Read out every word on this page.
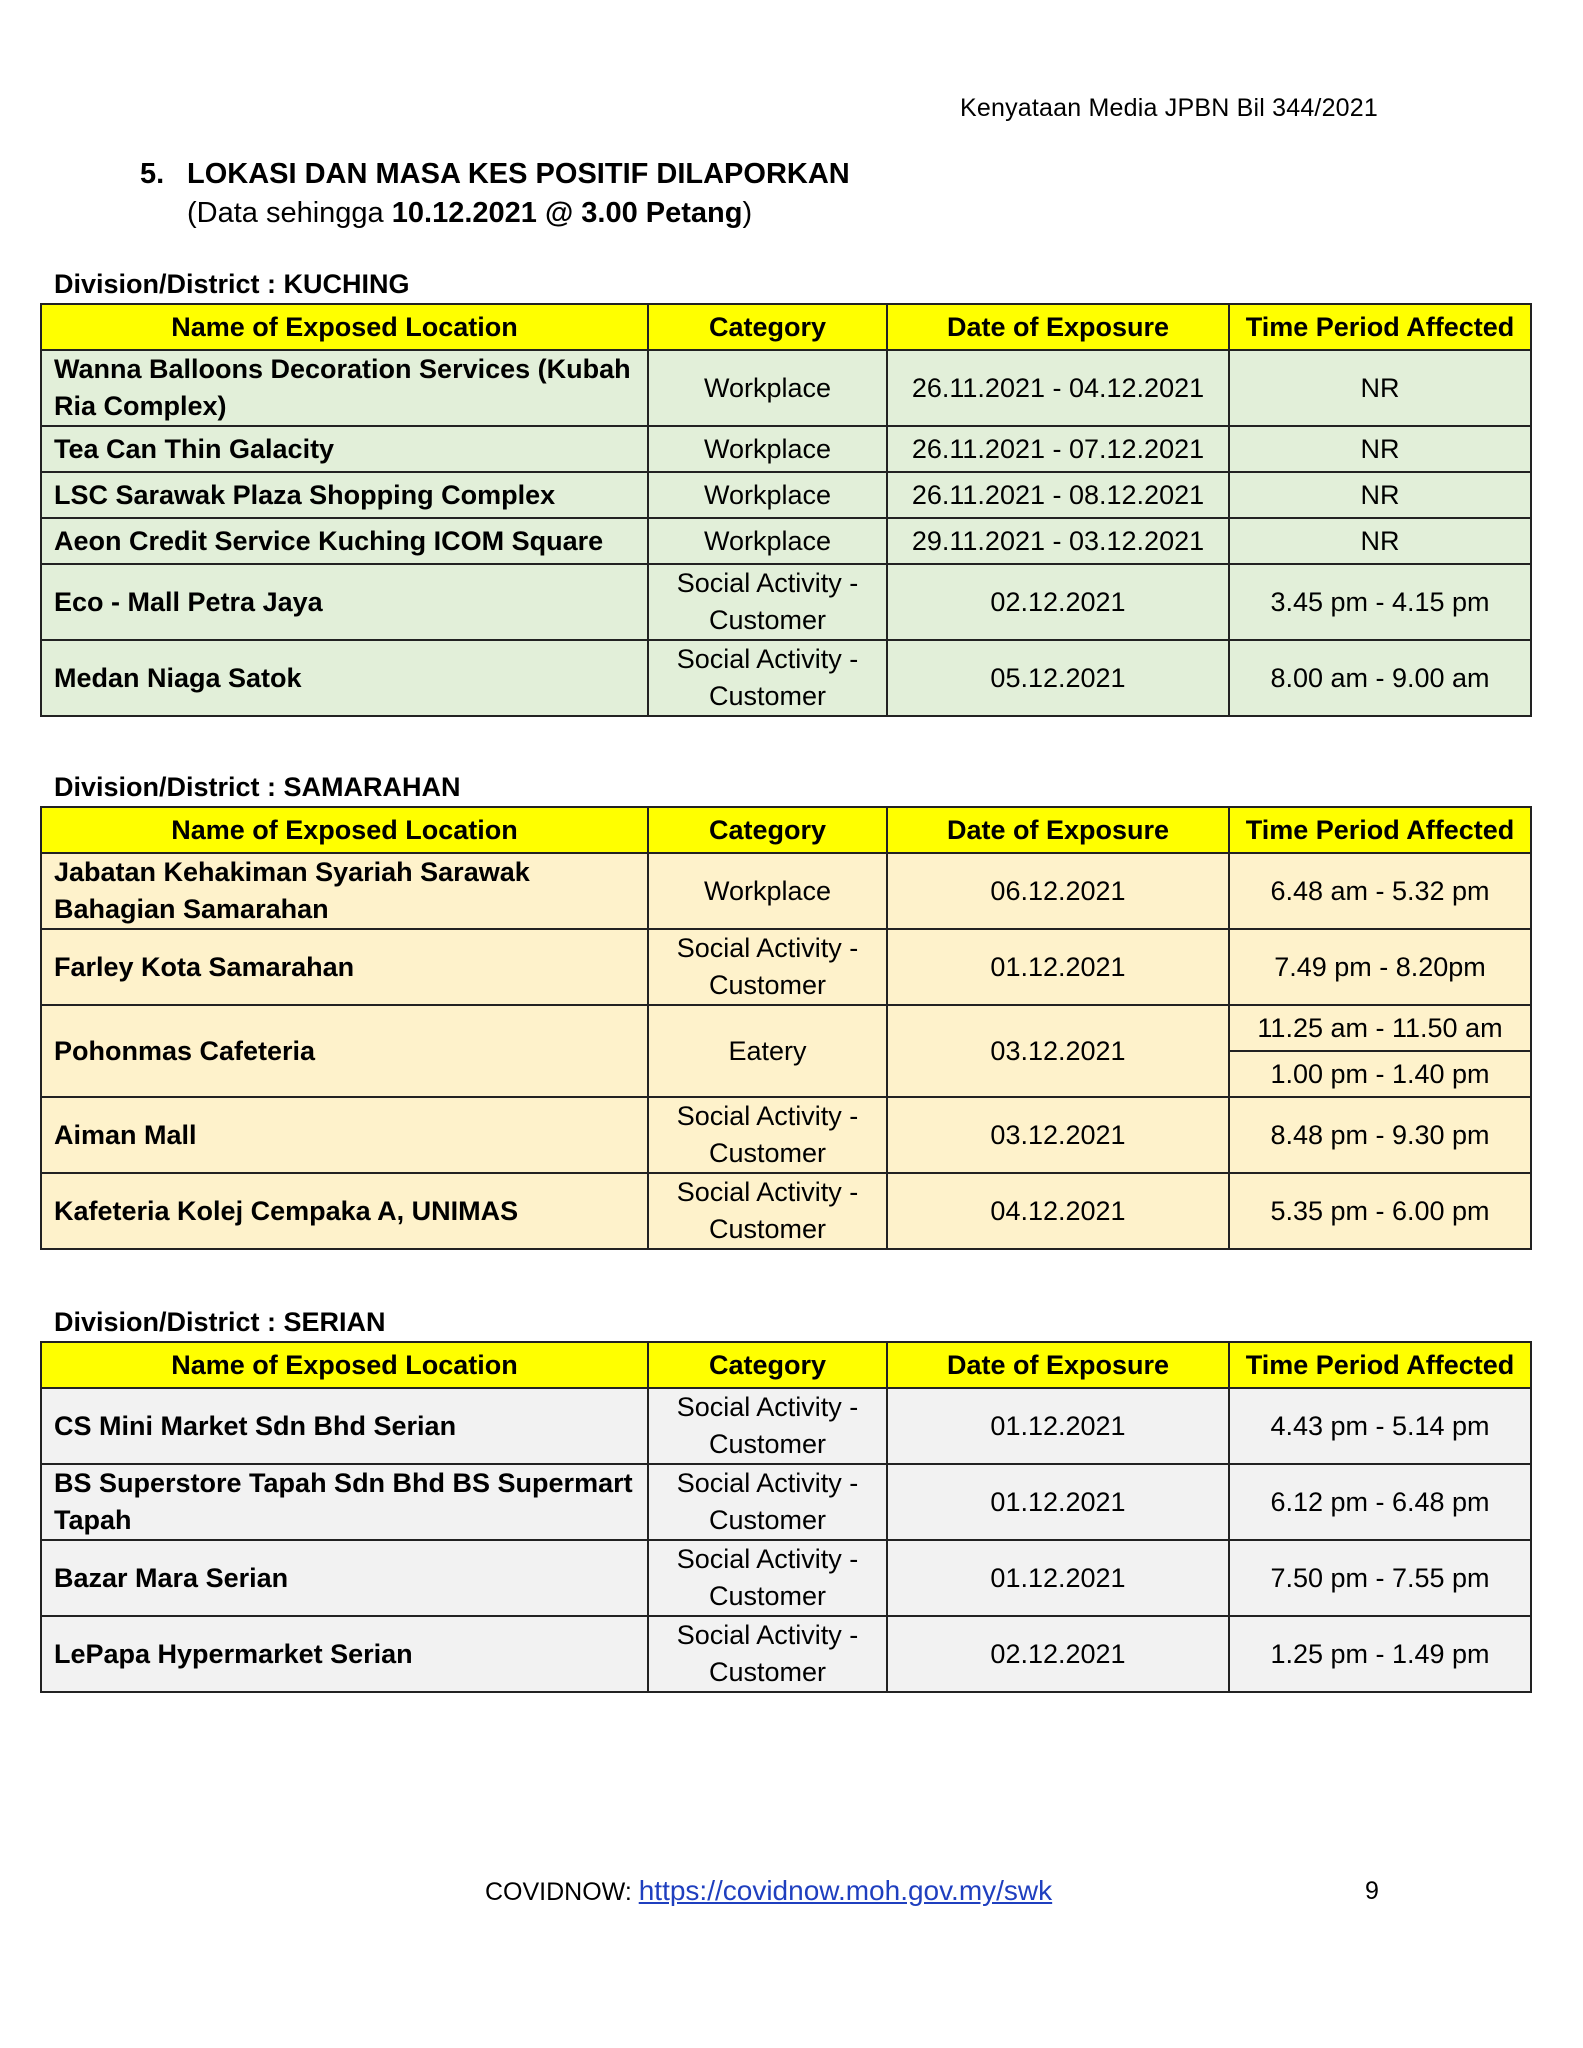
Kenyataan Media JPBN Bil 344/2021
5. LOKASI DAN MASA KES POSITIF DILAPORKAN
(Data sehingga 10.12.2021 @ 3.00 Petang)
Division/District : KUCHING
Name of Exposed Location	Category	Date of Exposure	Time Period Affected
Wanna Balloons Decoration Services (Kubah Ria Complex)	Workplace	26.11.2021 - 04.12.2021	NR
Tea Can Thin Galacity	Workplace	26.11.2021 - 07.12.2021	NR
LSC Sarawak Plaza Shopping Complex	Workplace	26.11.2021 - 08.12.2021	NR
Aeon Credit Service Kuching ICOM Square	Workplace	29.11.2021 - 03.12.2021	NR
Eco - Mall Petra Jaya	Social Activity - Customer	02.12.2021	3.45 pm - 4.15 pm
Medan Niaga Satok	Social Activity - Customer	05.12.2021	8.00 am - 9.00 am
Division/District : SAMARAHAN
Name of Exposed Location	Category	Date of Exposure	Time Period Affected
Jabatan Kehakiman Syariah Sarawak Bahagian Samarahan	Workplace	06.12.2021	6.48 am - 5.32 pm
Farley Kota Samarahan	Social Activity - Customer	01.12.2021	7.49 pm - 8.20pm
Pohonmas Cafeteria	Eatery	03.12.2021	11.25 am - 11.50 am
			1.00 pm - 1.40 pm
Aiman Mall	Social Activity - Customer	03.12.2021	8.48 pm - 9.30 pm
Kafeteria Kolej Cempaka A, UNIMAS	Social Activity - Customer	04.12.2021	5.35 pm - 6.00 pm
Division/District : SERIAN
Name of Exposed Location	Category	Date of Exposure	Time Period Affected
CS Mini Market Sdn Bhd Serian	Social Activity - Customer	01.12.2021	4.43 pm - 5.14 pm
BS Superstore Tapah Sdn Bhd BS Supermart Tapah	Social Activity - Customer	01.12.2021	6.12 pm - 6.48 pm
Bazar Mara Serian	Social Activity - Customer	01.12.2021	7.50 pm - 7.55 pm
LePapa Hypermarket Serian	Social Activity - Customer	02.12.2021	1.25 pm - 1.49 pm
COVIDNOW: https://covidnow.moh.gov.my/swk	9
